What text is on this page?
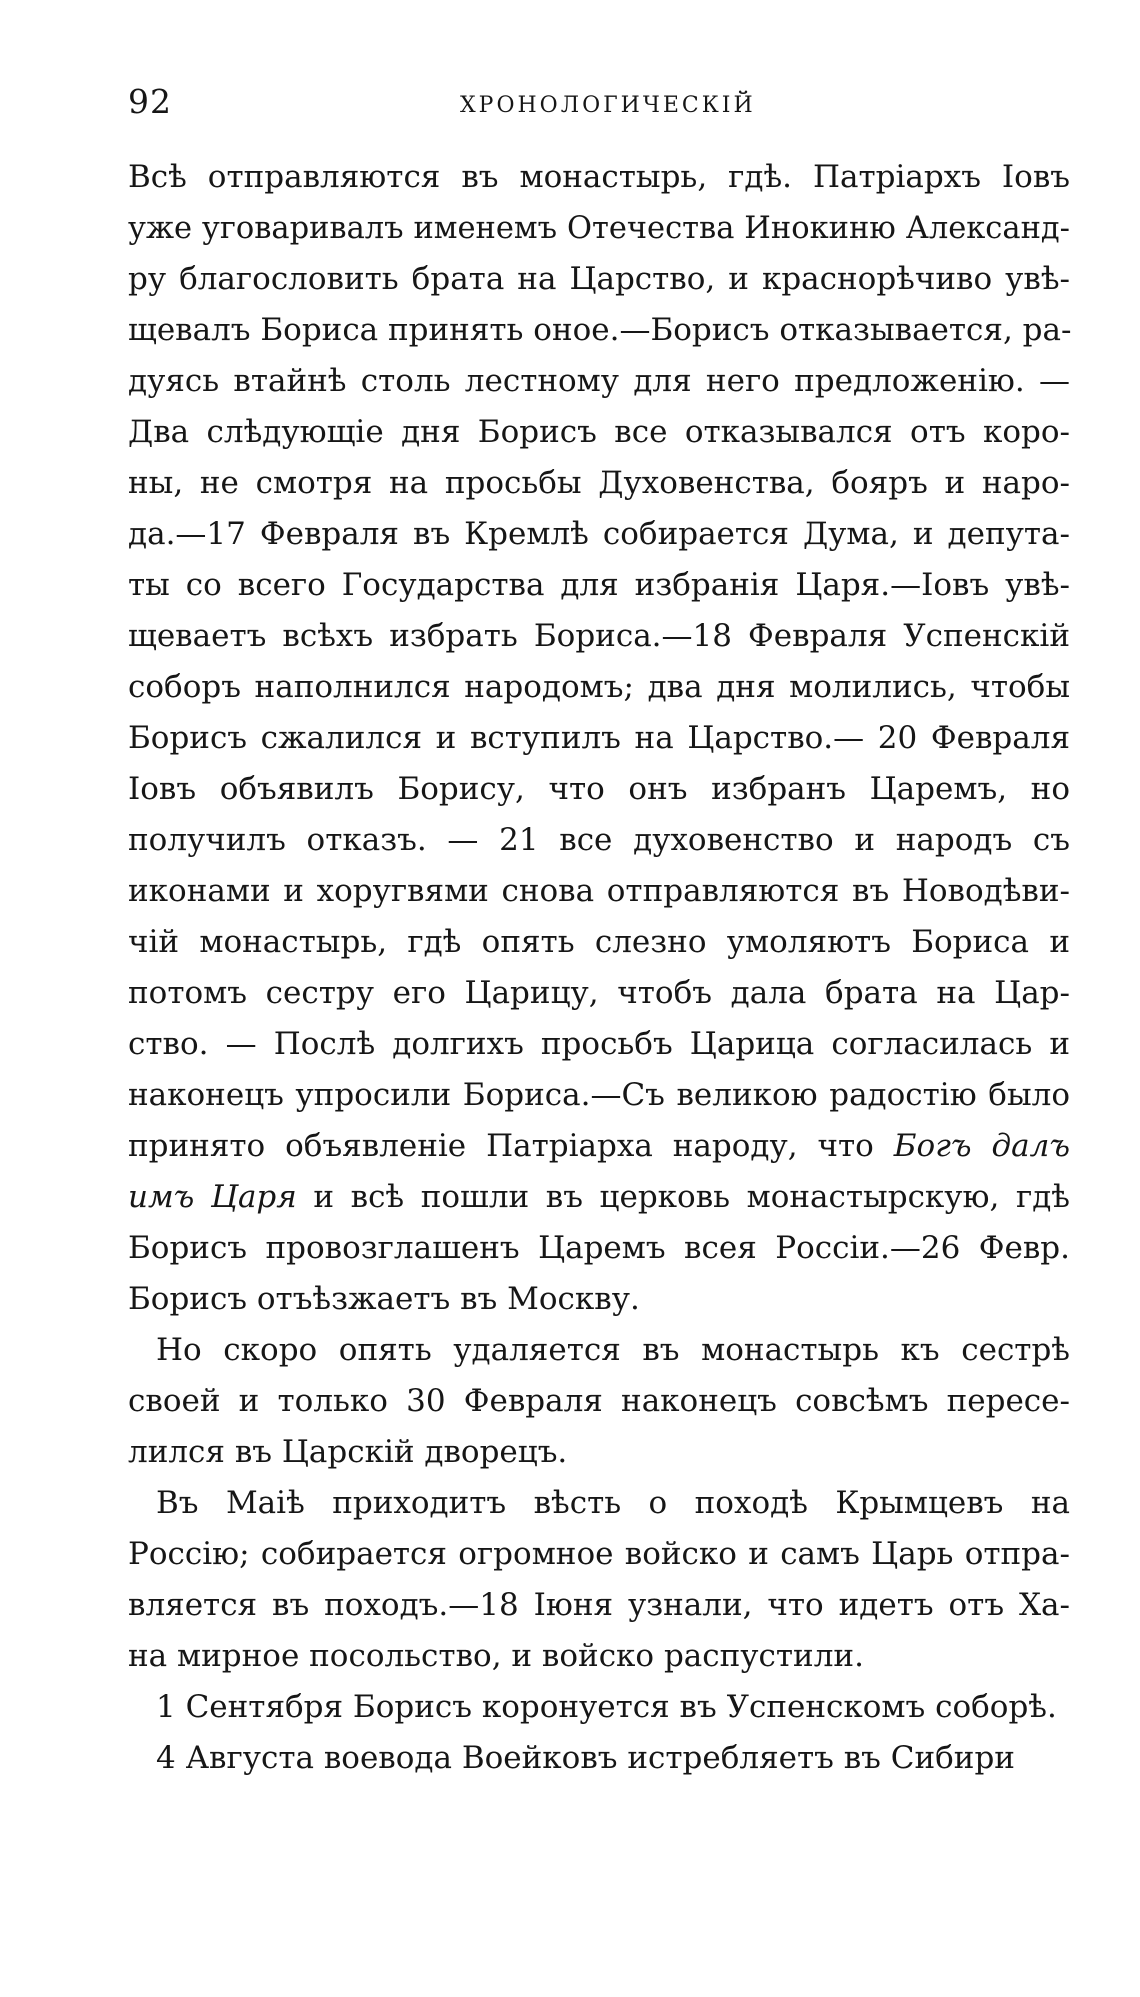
92	ХРОНОЛОГИЧЕСКІЙ
Всѣ отправляются въ монастырь, гдѣ. Патріархъ Іовъ
уже уговаривалъ именемъ Отечества Инокиню Александ-
ру благословить брата на Царство, и краснорѣчиво увѣ-
щевалъ Бориса принять оное.—Борисъ отказывается, ра-
дуясь втайнѣ столь лестному для него предложенію. —
Два слѣдующіе дня Борисъ все отказывался отъ коро-
ны, не смотря на просьбы Духовенства, бояръ и наро-
да.—17 Февраля въ Кремлѣ собирается Дума, и депута-
ты со всего Государства для избранія Царя.—Іовъ увѣ-
щеваетъ всѣхъ избрать Бориса.—18 Февраля Успенскій
соборъ наполнился народомъ; два дня молились, чтобы
Борисъ сжалился и вступилъ на Царство.— 20 Февраля
Іовъ объявилъ Борису, что онъ избранъ Царемъ, но
получилъ отказъ. — 21 все духовенство и народъ съ
иконами и хоругвями снова отправляются въ Новодѣви-
чій монастырь, гдѣ опять слезно умоляютъ Бориса и
потомъ сестру его Царицу, чтобъ дала брата на Цар-
ство. — Послѣ долгихъ просьбъ Царица согласилась и
наконецъ упросили Бориса.—Съ великою радостію было
принято объявленіе Патріарха народу, что Богъ далъ
имъ Царя и всѣ пошли въ церковь монастырскую, гдѣ
Борисъ провозглашенъ Царемъ всея Россіи.—26 Февр.
Борисъ отъѣзжаетъ въ Москву.
Но скоро опять удаляется въ монастырь къ сестрѣ
своей и только 30 Февраля наконецъ совсѣмъ пересе-
лился въ Царскій дворецъ.
Въ Маіѣ приходитъ вѣсть о походѣ Крымцевъ на
Россію; собирается огромное войско и самъ Царь отпра-
вляется въ походъ.—18 Іюня узнали, что идетъ отъ Ха-
на мирное посольство, и войско распустили.
1 Сентября Борисъ коронуется въ Успенскомъ соборѣ.
4 Августа воевода Воейковъ истребляетъ въ Сибири
